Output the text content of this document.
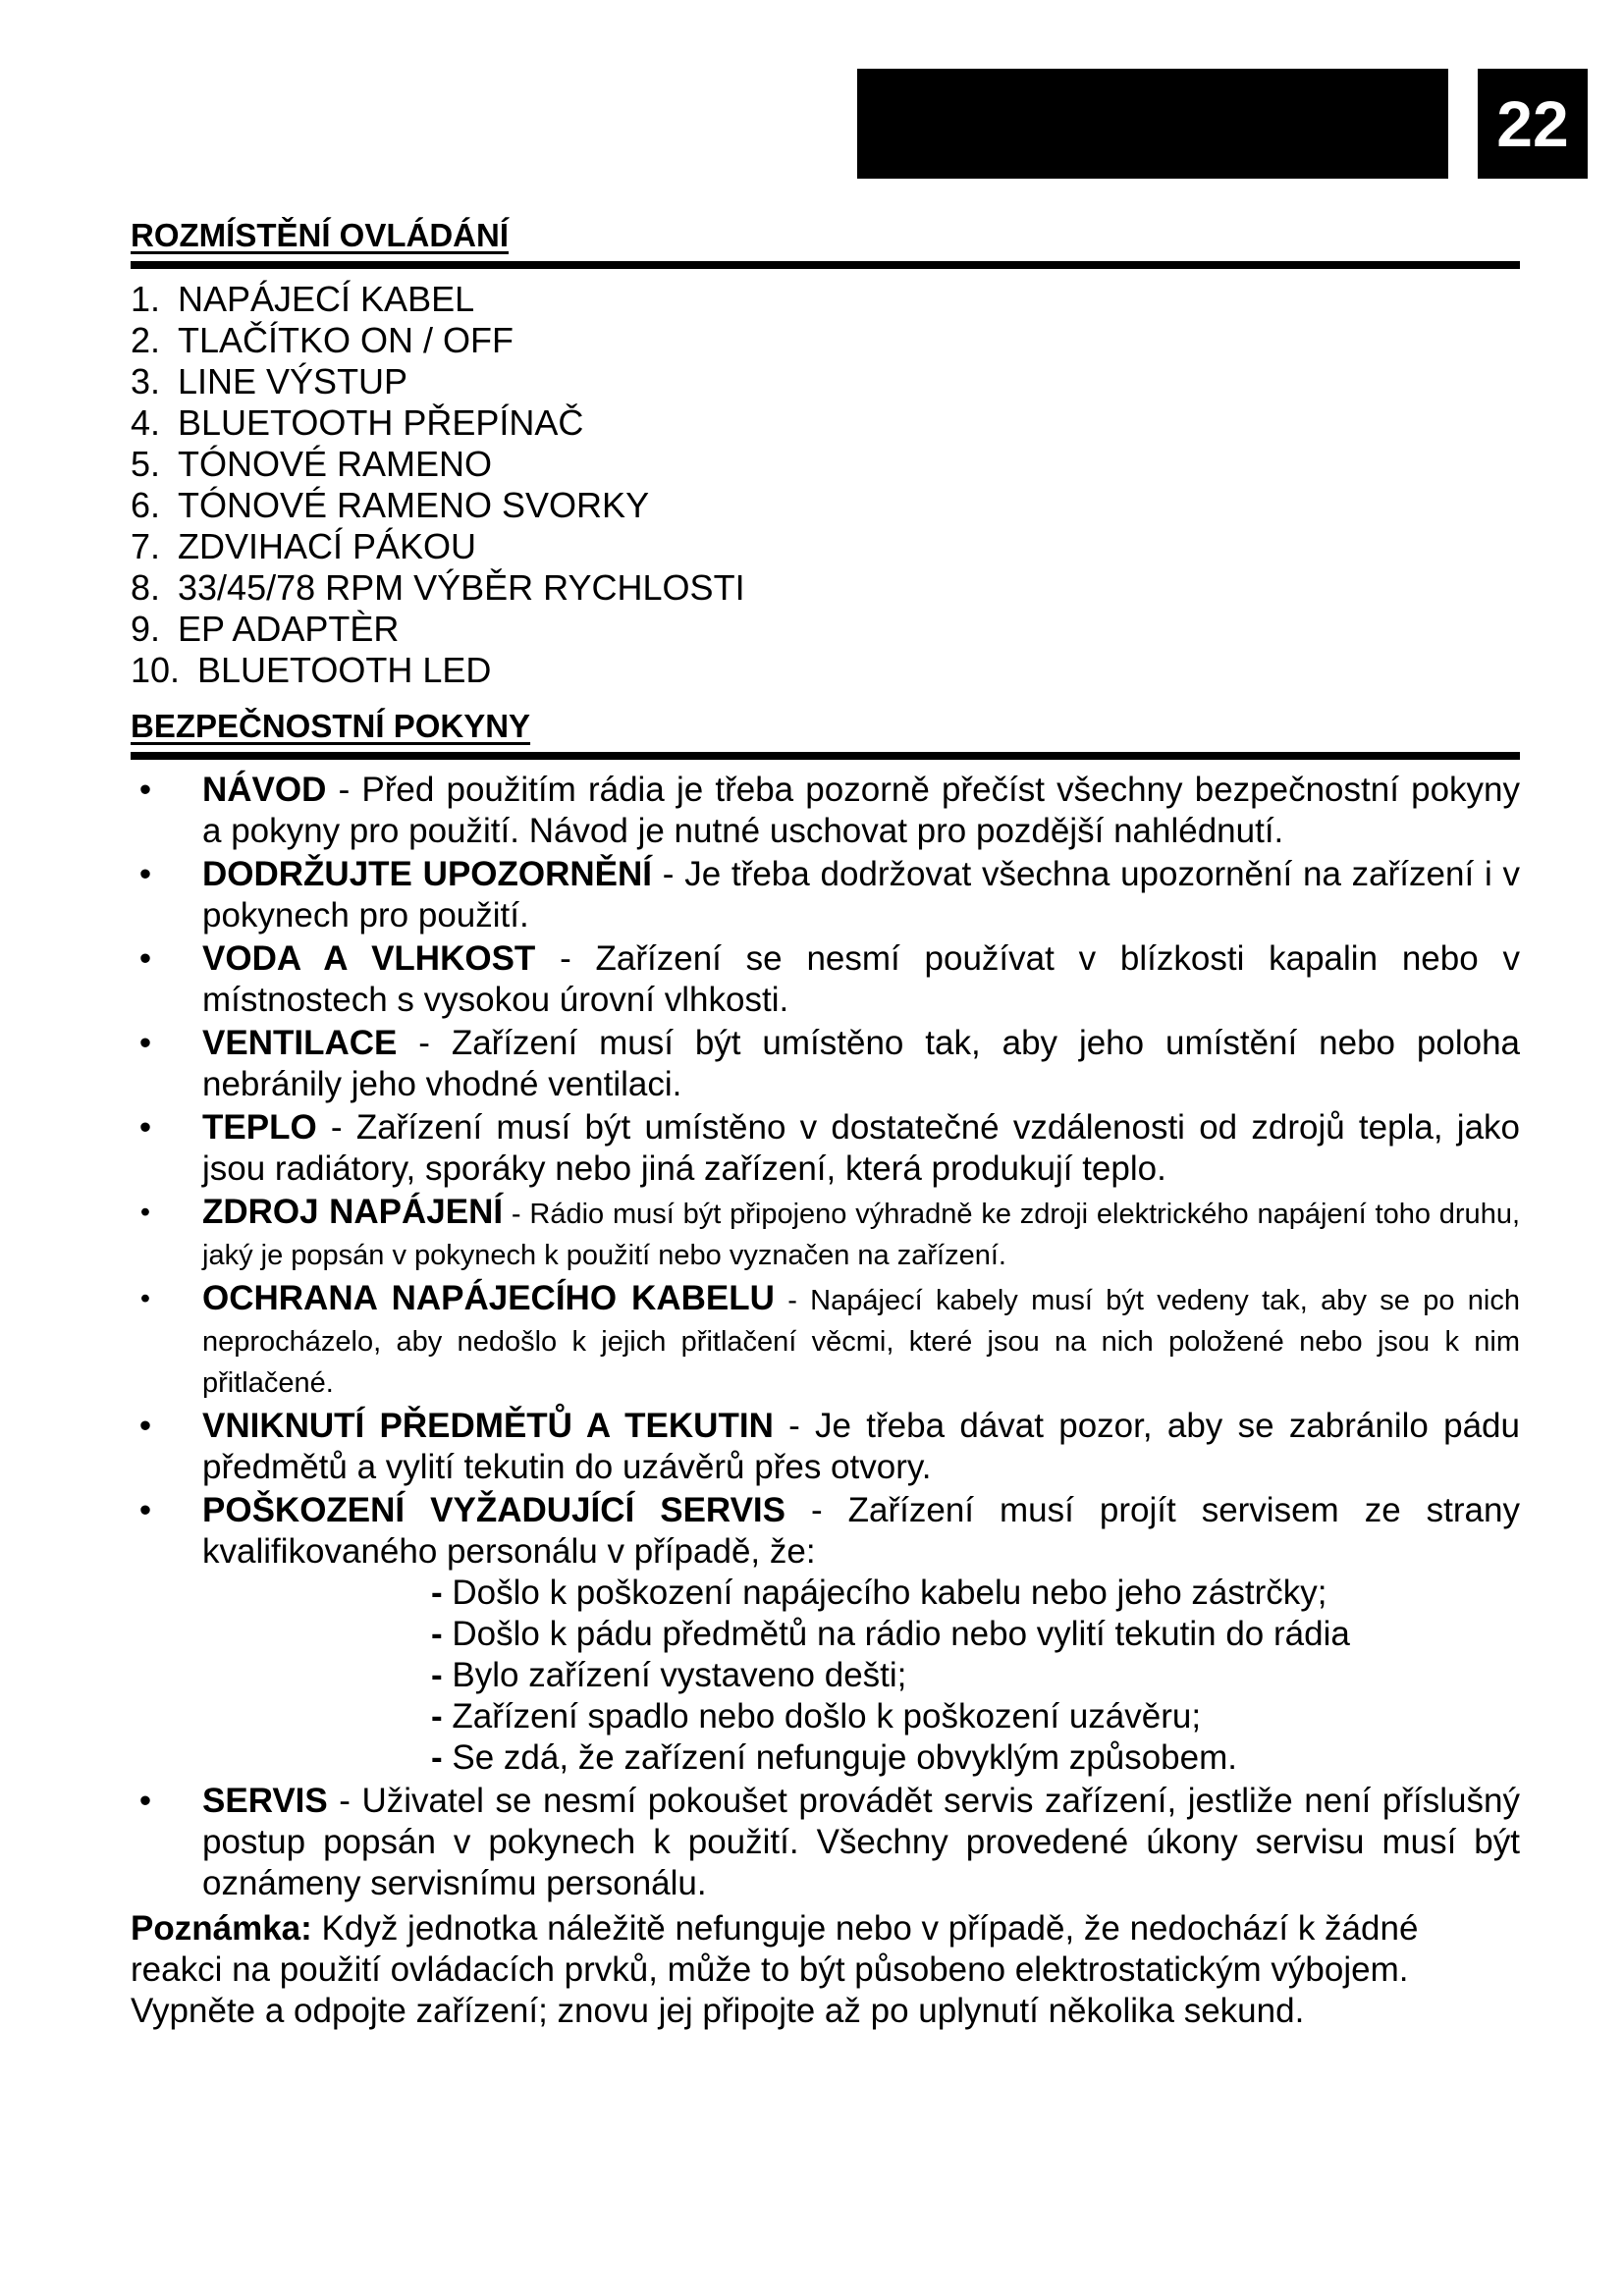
22
ROZMÍSTĚNÍ OVLÁDÁNÍ
1. NAPÁJECÍ KABEL
2. TLAČÍTKO ON / OFF
3. LINE VÝSTUP
4. BLUETOOTH PŘEPÍNAČ
5. TÓNOVÉ RAMENO
6. TÓNOVÉ RAMENO SVORKY
7. ZDVIHACÍ PÁKOU
8. 33/45/78 RPM VÝBĚR RYCHLOSTI
9. EP ADAPTÈR
10. BLUETOOTH LED
BEZPEČNOSTNÍ POKYNY
• NÁVOD - Před použitím rádia je třeba pozorně přečíst všechny bezpečnostní pokyny a pokyny pro použití. Návod je nutné uschovat pro pozdější nahlédnutí.
• DODRŽUJTE UPOZORNĚNÍ - Je třeba dodržovat všechna upozornění na zařízení i v pokynech pro použití.
• VODA A VLHKOST - Zařízení se nesmí používat v blízkosti kapalin nebo v místnostech s vysokou úrovní vlhkosti.
• VENTILACE - Zařízení musí být umístěno tak, aby jeho umístění nebo poloha nebránily jeho vhodné ventilaci.
• TEPLO - Zařízení musí být umístěno v dostatečné vzdálenosti od zdrojů tepla, jako jsou radiátory, sporáky nebo jiná zařízení, která produkují teplo.
• ZDROJ NAPÁJENÍ - Rádio musí být připojeno výhradně ke zdroji elektrického napájení toho druhu, jaký je popsán v pokynech k použití nebo vyznačen na zařízení.
• OCHRANA NAPÁJECÍHO KABELU - Napájecí kabely musí být vedeny tak, aby se po nich neprocházelo, aby nedošlo k jejich přitlačení věcmi, které jsou na nich položené nebo jsou k nim přitlačené.
• VNIKNUTÍ PŘEDMĚTŮ A TEKUTIN - Je třeba dávat pozor, aby se zabránilo pádu předmětů a vylití tekutin do uzávěrů přes otvory.
• POŠKOZENÍ VYŽADUJÍCÍ SERVIS - Zařízení musí projít servisem ze strany kvalifikovaného personálu v případě, že:
- Došlo k poškození napájecího kabelu nebo jeho zástrčky;
- Došlo k pádu předmětů na rádio nebo vylití tekutin do rádia
- Bylo zařízení vystaveno dešti;
- Zařízení spadlo nebo došlo k poškození uzávěru;
- Se zdá, že zařízení nefunguje obvyklým způsobem.
• SERVIS - Uživatel se nesmí pokoušet provádět servis zařízení, jestliže není příslušný postup popsán v pokynech k použití. Všechny provedené úkony servisu musí být oznámeny servisnímu personálu.
Poznámka: Když jednotka náležitě nefunguje nebo v případě, že nedochází k žádné reakci na použití ovládacích prvků, může to být působeno elektrostatickým výbojem. Vypněte a odpojte zařízení; znovu jej připojte až po uplynutí několika sekund.
